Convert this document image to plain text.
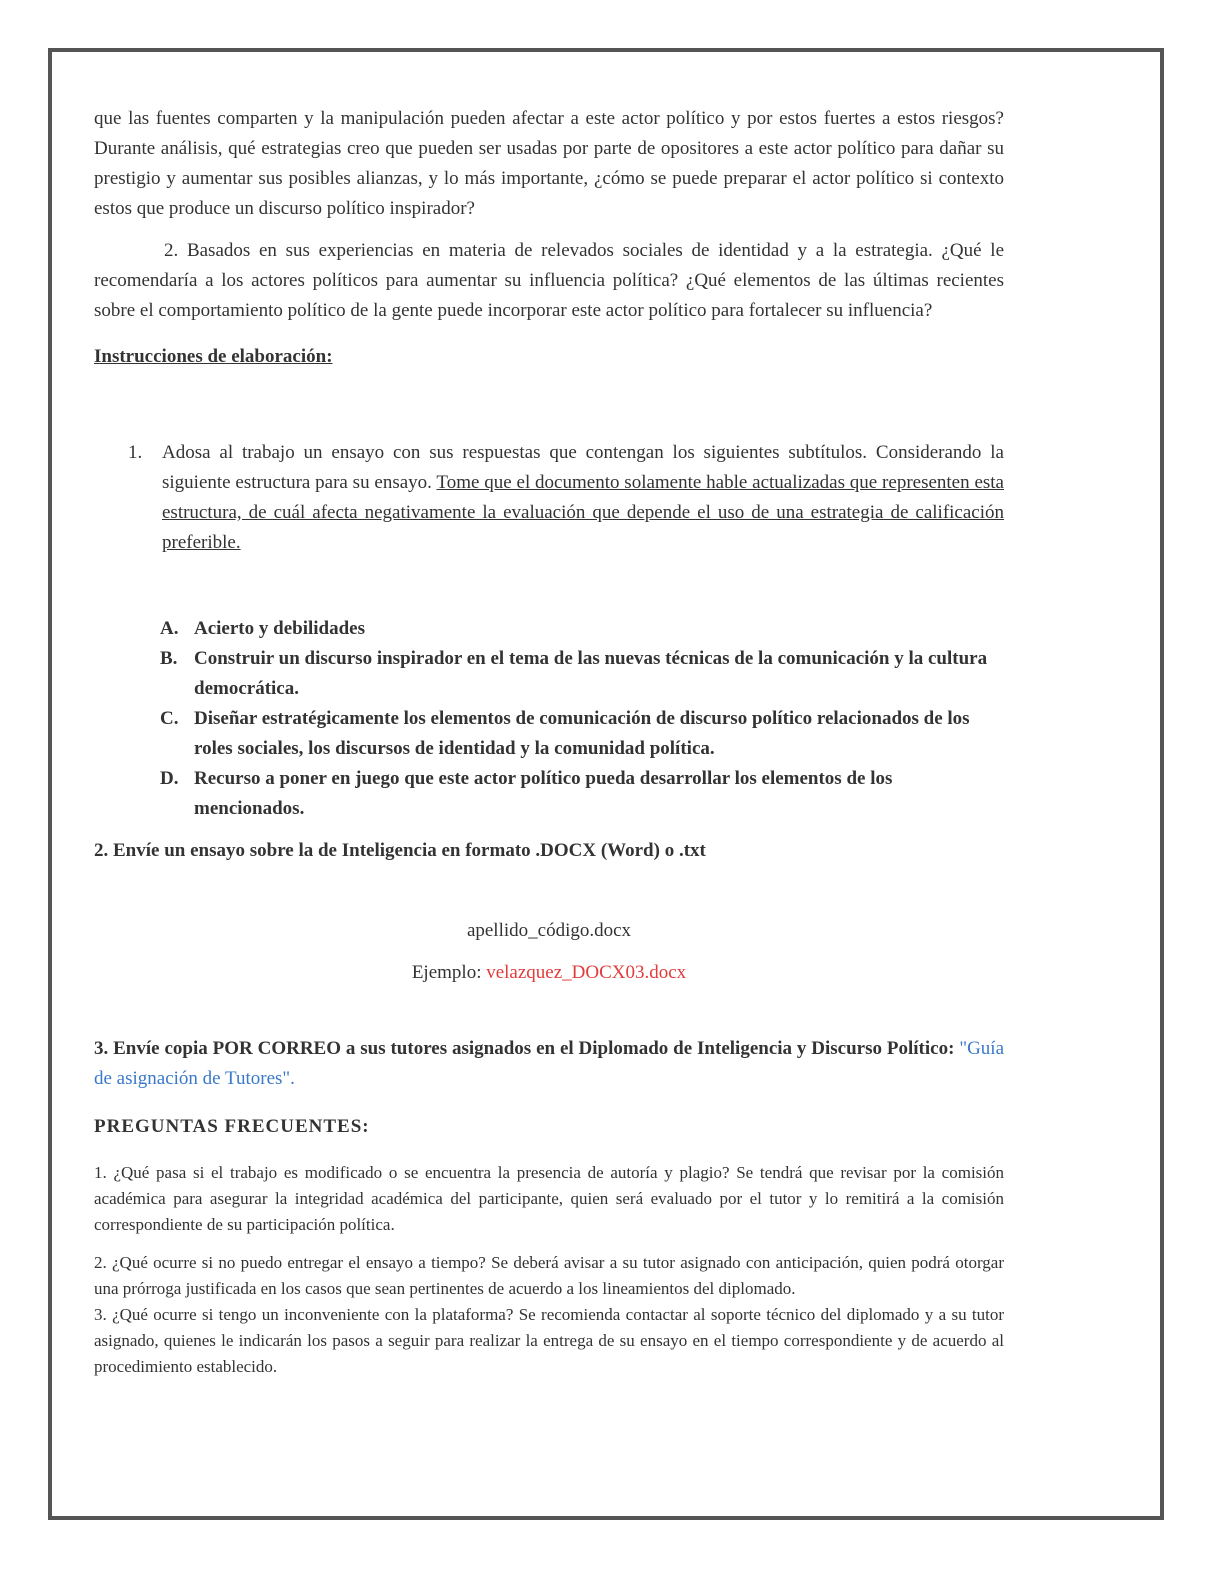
que las fuentes comparten y la manipulación pueden afectar a este actor político y por estos fuertes a estos riesgos? Durante análisis, qué estrategias creo que pueden ser usadas por parte de opositores a este actor político para dañar su prestigio y aumentar sus posibles alianzas, y lo más importante, ¿cómo se puede preparar el actor político si contexto estos que produce un discurso político inspirador?

2. Basados en sus experiencias en materia de relevados sociales de identidad y a la estrategia. ¿Qué le recomendaría a los actores políticos para aumentar su influencia política? ¿Qué elementos de las últimas recientes sobre el comportamiento político de la gente puede incorporar este actor político para fortalecer su influencia?

Instrucciones de elaboración:

1.	Adosa al trabajo un ensayo con sus respuestas que contengan los siguientes subtítulos. Considerando la siguiente estructura para su ensayo. Tome que el documento solamente hable actualizadas que representen esta estructura, de cuál afecta negativamente la evaluación que depende el uso de una estrategia de calificación preferible.

A. Acierto y debilidades
B. Construir un discurso inspirador en el tema de las nuevas técnicas de la comunicación y la cultura democrática.
C. Diseñar estratégicamente los elementos de comunicación de discurso político relacionados de los roles sociales, los discursos de identidad y la comunidad política.
D. Recurso a poner en juego que este actor político pueda desarrollar los elementos de los mencionados.

2. Envíe un ensayo sobre la de Inteligencia en formato .DOCX (Word) o .txt

apellido_código.docx

Ejemplo: velazquez_DOCX03.docx

3. Envíe copia POR CORREO a sus tutores asignados en el Diplomado de Inteligencia y Discurso Político: "Guía de asignación de Tutores".

PREGUNTAS FRECUENTES:

1. ¿Qué pasa si el trabajo es modificado o se encuentra la presencia de autoría y plagio? Se tendrá que revisar por la comisión académica para asegurar la integridad académica del participante, quien será evaluado por el tutor y lo remitirá a la comisión correspondiente de su participación política.

2. ¿Qué ocurre si no puedo entregar el ensayo a tiempo? Se deberá avisar a su tutor asignado con anticipación, quien podrá otorgar una prórroga justificada en los casos que sean pertinentes de acuerdo a los lineamientos del diplomado.

3. ¿Qué ocurre si tengo un inconveniente con la plataforma? Se recomienda contactar al soporte técnico del diplomado y a su tutor asignado, quienes le indicarán los pasos a seguir para realizar la entrega de su ensayo en el tiempo correspondiente y de acuerdo al procedimiento establecido.
